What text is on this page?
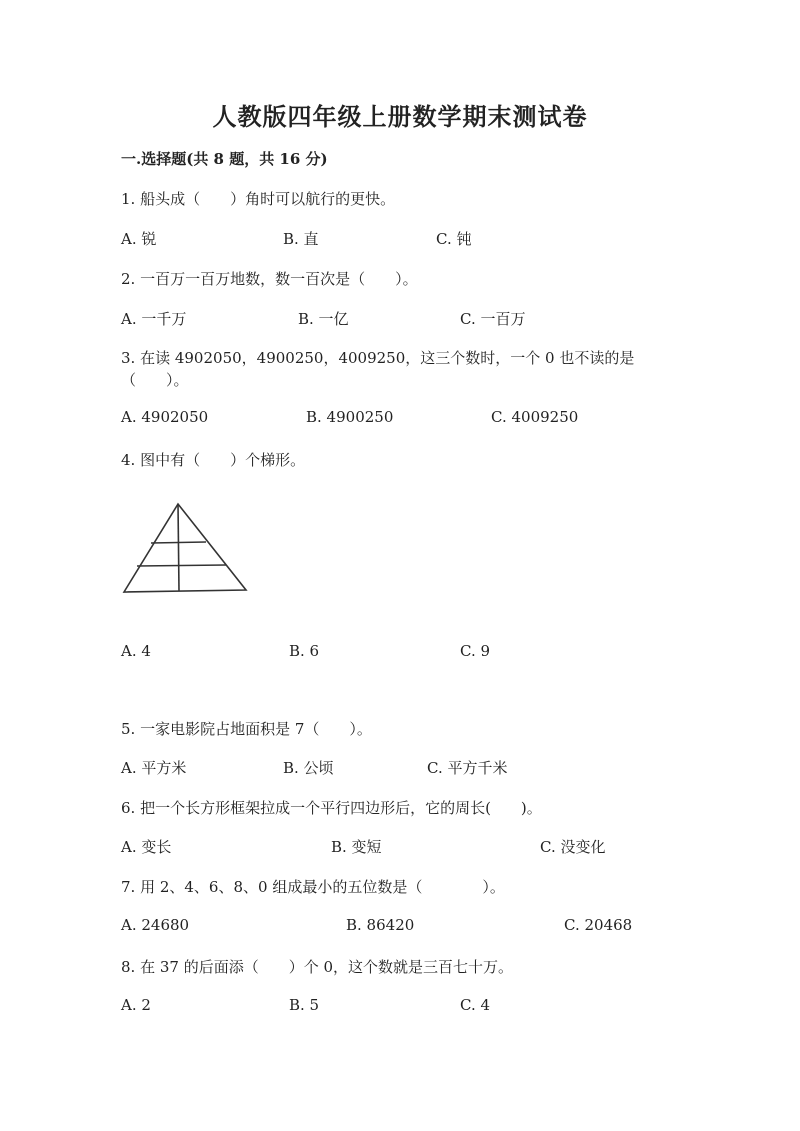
人教版四年级上册数学期末测试卷
一.选择题(共 8 题，共 16 分)
1. 船头成（　　）角时可以航行的更快。
A. 锐	B. 直	C. 钝
2. 一百万一百万地数，数一百次是（　　）。
A. 一千万	B. 一亿	C. 一百万
3. 在读 4902050，4900250，4009250，这三个数时，一个 0 也不读的是
（　　）。
A. 4902050	B. 4900250	C. 4009250
4. 图中有（　　）个梯形。
A. 4	B. 6	C. 9
5. 一家电影院占地面积是 7（　　）。
A. 平方米	B. 公顷	C. 平方千米
6. 把一个长方形框架拉成一个平行四边形后，它的周长(　　)。
A. 变长	B. 变短	C. 没变化
7. 用 2、4、6、8、0 组成最小的五位数是（　　　　）。
A. 24680	B. 86420	C. 20468
8. 在 37 的后面添（　　）个 0，这个数就是三百七十万。
A. 2	B. 5	C. 4
